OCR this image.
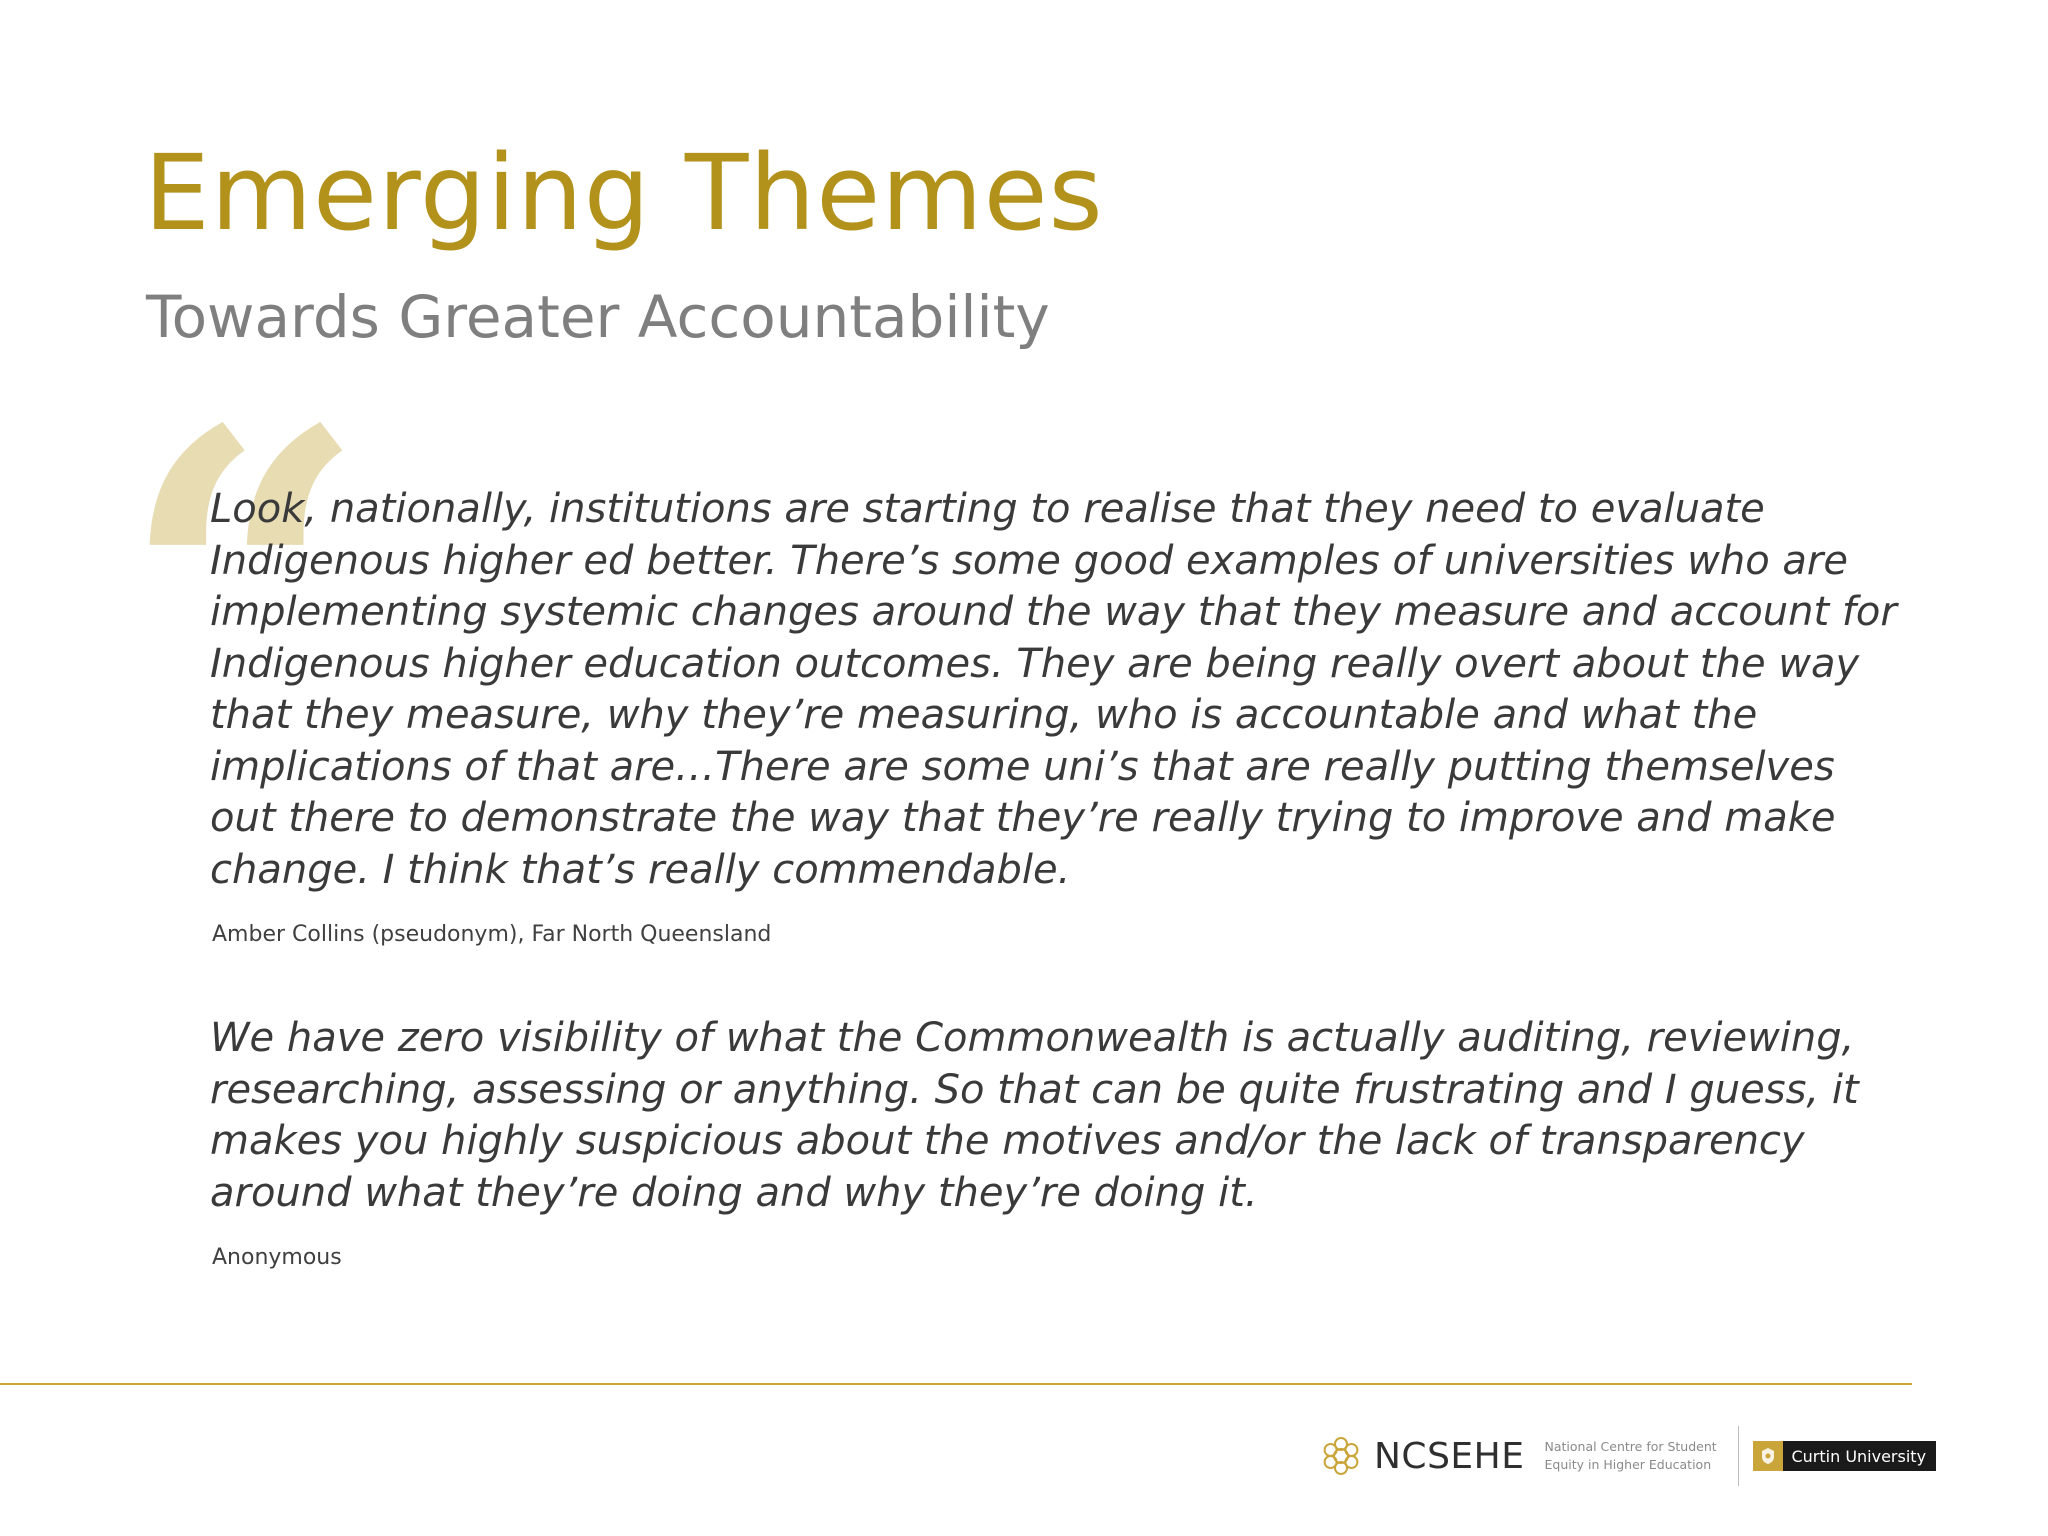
Emerging Themes
Towards Greater Accountability
“

Look, nationally, institutions are starting to realise that they need to evaluate Indigenous higher ed better. There’s some good examples of universities who are implementing systemic changes around the way that they measure and account for Indigenous higher education outcomes. They are being really overt about the way that they measure, why they’re measuring, who is accountable and what the implications of that are…There are some uni’s that are really putting themselves out there to demonstrate the way that they’re really trying to improve and make change. I think that’s really commendable.

Amber Collins (pseudonym), Far North Queensland

We have zero visibility of what the Commonwealth is actually auditing, reviewing, researching, assessing or anything. So that can be quite frustrating and I guess, it makes you highly suspicious about the motives and/or the lack of transparency around what they’re doing and why they’re doing it.

Anonymous
NCSEHE National Centre for Student
Equity in Higher Education	Curtin University
